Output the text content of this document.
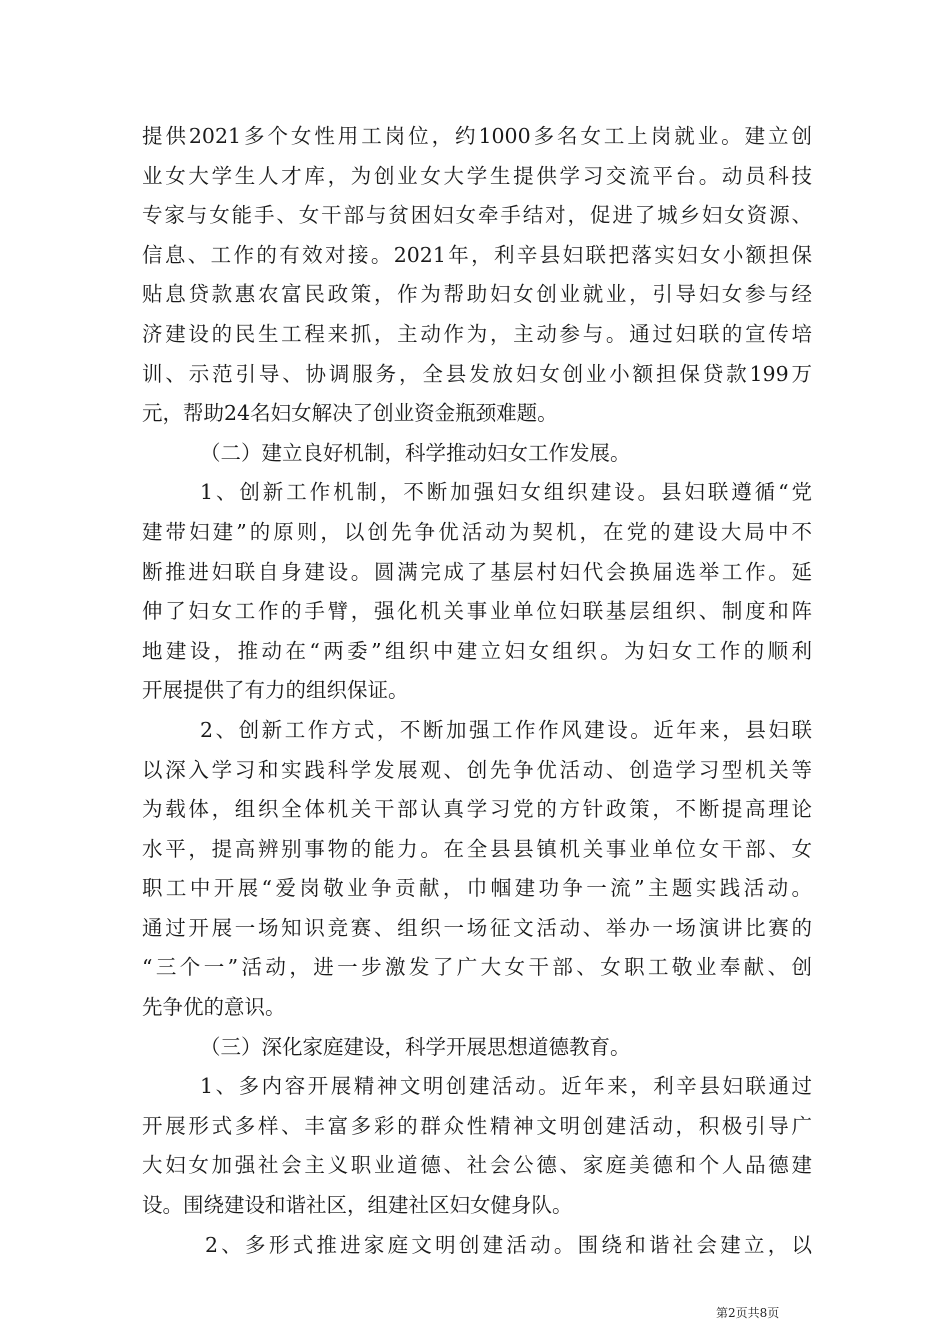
提供2021多个女性用工岗位，约1000多名女工上岗就业。建立创
业女大学生人才库，为创业女大学生提供学习交流平台。动员科技
专家与女能手、女干部与贫困妇女牵手结对，促进了城乡妇女资源、
信息、工作的有效对接。2021年，利辛县妇联把落实妇女小额担保
贴息贷款惠农富民政策，作为帮助妇女创业就业，引导妇女参与经
济建设的民生工程来抓，主动作为，主动参与。通过妇联的宣传培
训、示范引导、协调服务，全县发放妇女创业小额担保贷款199万
元，帮助24名妇女解决了创业资金瓶颈难题。
（二）建立良好机制，科学推动妇女工作发展。
1、创新工作机制，不断加强妇女组织建设。县妇联遵循“党
建带妇建”的原则，以创先争优活动为契机，在党的建设大局中不
断推进妇联自身建设。圆满完成了基层村妇代会换届选举工作。延
伸了妇女工作的手臂，强化机关事业单位妇联基层组织、制度和阵
地建设，推动在“两委”组织中建立妇女组织。为妇女工作的顺利
开展提供了有力的组织保证。
2、创新工作方式，不断加强工作作风建设。近年来，县妇联
以深入学习和实践科学发展观、创先争优活动、创造学习型机关等
为载体，组织全体机关干部认真学习党的方针政策，不断提高理论
水平，提高辨别事物的能力。在全县县镇机关事业单位女干部、女
职工中开展“爱岗敬业争贡献，巾帼建功争一流”主题实践活动。
通过开展一场知识竞赛、组织一场征文活动、举办一场演讲比赛的
“三个一”活动，进一步激发了广大女干部、女职工敬业奉献、创
先争优的意识。
（三）深化家庭建设，科学开展思想道德教育。
1、多内容开展精神文明创建活动。近年来，利辛县妇联通过
开展形式多样、丰富多彩的群众性精神文明创建活动，积极引导广
大妇女加强社会主义职业道德、社会公德、家庭美德和个人品德建
设。围绕建设和谐社区，组建社区妇女健身队。
2、多形式推进家庭文明创建活动。围绕和谐社会建立，以
第2页共8页
